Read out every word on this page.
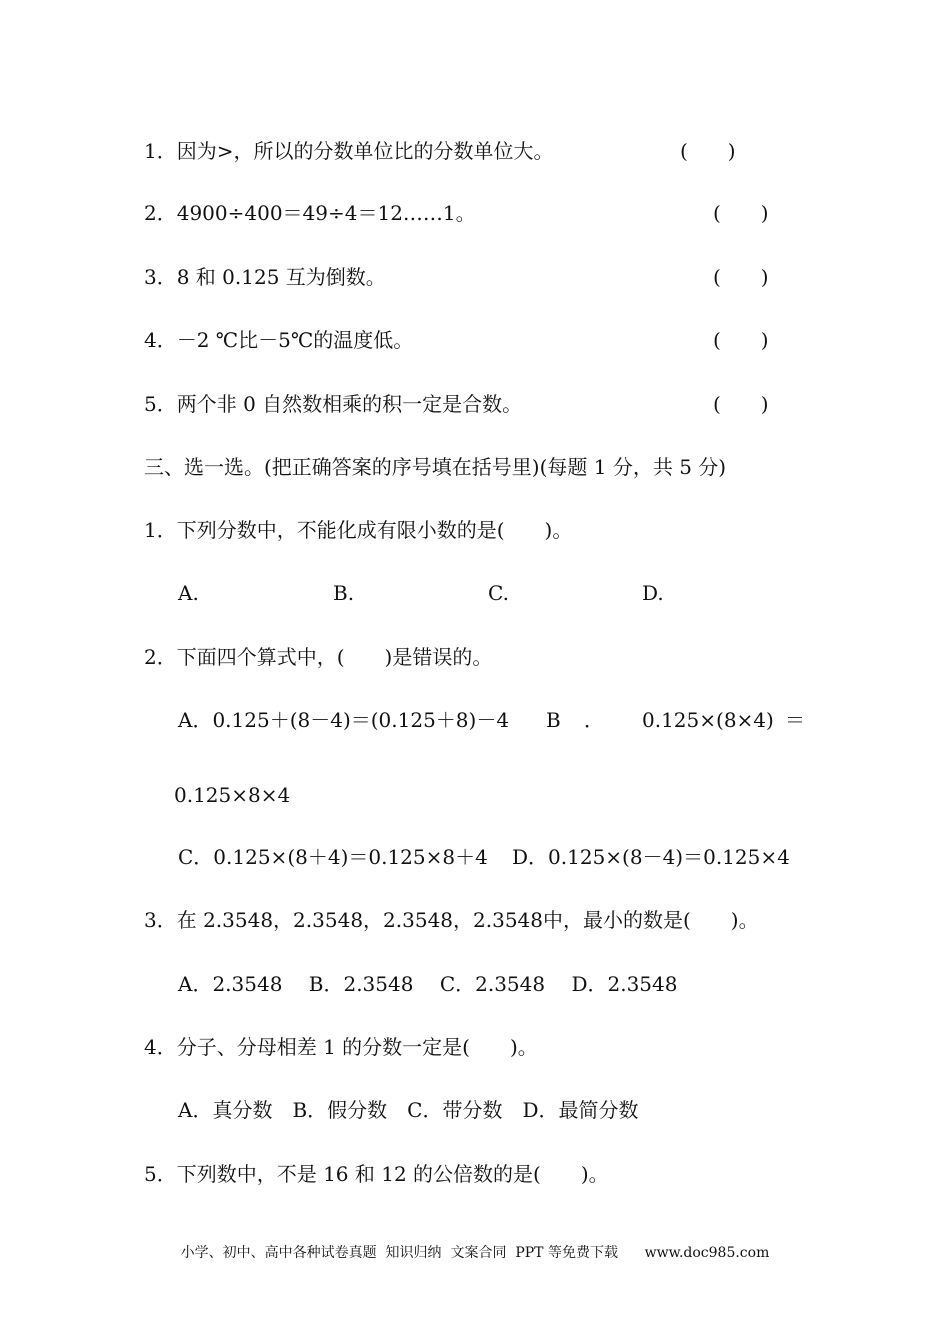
1．因为>，所以的分数单位比的分数单位大。	(　　)
2．4900÷400＝49÷4＝12……1。	(　　)
3．8 和 0.125 互为倒数。	(　　)
4．－2 ℃比－5℃的温度低。	(　　)
5．两个非 0 自然数相乘的积一定是合数。	(　　)
三、选一选。(把正确答案的序号填在括号里)(每题 1 分，共 5 分)
1．下列分数中，不能化成有限小数的是(　　)。
A.	B.	C.	D.
2．下面四个算式中，(　　)是错误的。
A．0.125＋(8－4)＝(0.125＋8)－4 B ． 0.125×(8×4) ＝
0.125×8×4
C．0.125×(8＋4)＝0.125×8＋4 D．0.125×(8－4)＝0.125×4
3．在 2.3548，2.3548，2.3548，2.3548中，最小的数是(　　)。
A．2.3548　 B．2.3548　 C．2.3548　 D．2.3548
4．分子、分母相差 1 的分数一定是(　　)。
A．真分数　B．假分数　C．带分数　D．最简分数
5．下列数中，不是 16 和 12 的公倍数的是(　　)。
小学、初中、高中各种试卷真题  知识归纳  文案合同  PPT 等免费下载      www.doc985.com
